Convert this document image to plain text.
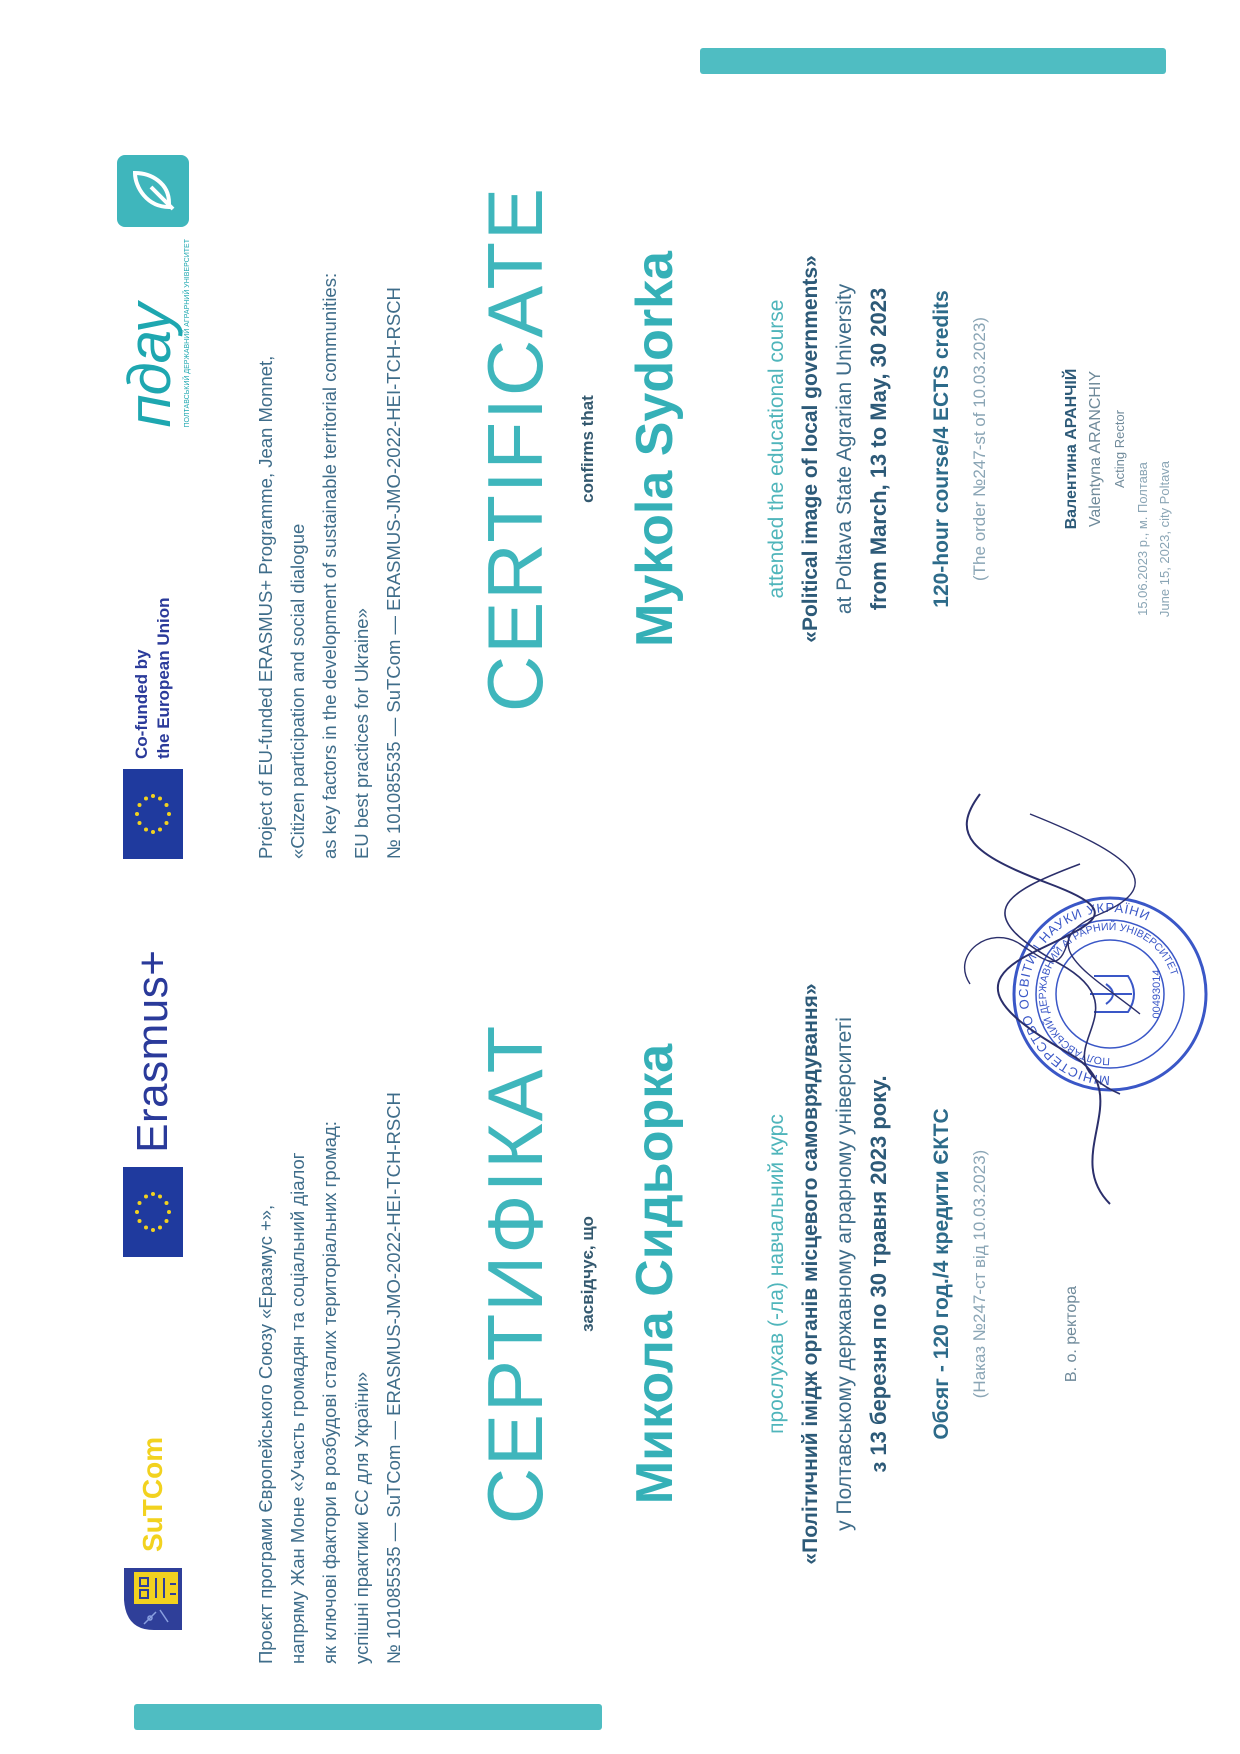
SuTCom
Erasmus+
Проєкт програми Європейського Союзу «Еразмус +», напряму Жан Моне «Участь громадян та соціальний діалог як ключові фактори в розбудові сталих територіальних громад: успішні практики ЄС для України» № 101085535 — SuTCom — ERASMUS-JMO-2022-HEI-TCH-RSCH СЕРТИФІКАТ засвідчує, що Микола Сидьорка	прослухав (-ла) навчальний курс «Політичний імідж органів місцевого самоврядування» у Полтавському державному аграрному університеті з 13 березня по 30 травня 2023 року. Обсяг - 120 год./4 кредити ЄКТС (Наказ №247-ст від 10.03.2023)	В. о. ректора
МІНІСТЕРСТВО ОСВІТИ І НАУКИ УКРАЇНИ
ПОЛТАВСЬКИЙ ДЕРЖАВНИЙ АГРАРНИЙ УНІВЕРСИТЕТ
00493014
Co-funded by the European Union
пдау ПОЛТАВСЬКИЙ ДЕРЖАВНИЙ АГРАРНИЙ УНІВЕРСИТЕТ
Project of EU-funded ERASMUS+ Programme, Jean Monnet, «Citizen participation and social dialogue as key factors in the development of sustainable territorial communities: EU best practices for Ukraine» № 101085535 — SuTCom — ERASMUS-JMO-2022-HEI-TCH-RSCH CERTIFICATE confirms that Mykola Sydorka	attended the educational course «Political image of local governments» at Poltava State Agrarian University from March, 13 to May, 30 2023 120-hour course/4 ECTS credits (The order №247-st of 10.03.2023)	Валентина АРАНЧІЙ Valentyna ARANCHIY Acting Rector
15.06.2023 р., м. Полтава June 15, 2023, city Poltava
